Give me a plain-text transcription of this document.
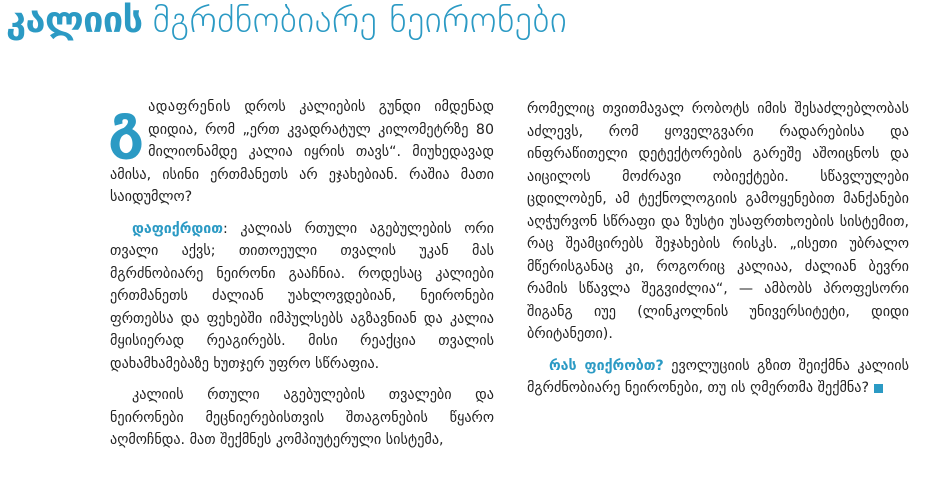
კალიის მგრძნობიარე ნეირონები

გადაფრენის დროს კალიების გუნდი იმდენად დიდია, რომ „ერთ კვადრატულ კილომეტრზე 80 მილიონამდე კალია იყრის თავს“. მიუხედავად ამისა, ისინი ერთმანეთს არ ეჯახებიან. რაშია მათი საიდუმლო?

დაფიქრდით: კალიას რთული აგებულების ორი თვალი აქვს; თითოეული თვალის უკან მას მგრძნობიარე ნეირონი გააჩნია. როდესაც კალიები ერთმანეთს ძალიან უახლოვდებიან, ნეირონები ფრთებსა და ფეხებში იმპულსებს აგზავნიან და კალია მყისიერად რეაგირებს. მისი რეაქცია თვალის დახამხამებაზე ხუთჯერ უფრო სწრაფია.

კალიის რთული აგებულების თვალები და ნეირონები მეცნიერებისთვის შთაგონების წყარო აღმოჩნდა. მათ შექმნეს კომპიუტერული სისტემა,

რომელიც თვითმავალ რობოტს იმის შესაძლებლობას აძლევს, რომ ყოველგვარი რადარებისა და ინფრაწითელი დეტექტორების გარეშე აშოიცნოს და აიცილოს მოძრავი ობიექტები. სწავლულები ცდილობენ, ამ ტექნოლოგიის გამოყენებით მანქანები აღჭურვონ სწრაფი და ზუსტი უსაფრთხოების სისტემით, რაც შეამცირებს შეჯახების რისკს. „ისეთი უბრალო მწერისგანაც კი, როგორიც კალიაა, ძალიან ბევრი რამის სწავლა შეგვიძლია“, — ამბობს პროფესორი შიგანგ იუე (ლინკოლნის უნივერსიტეტი, დიდი ბრიტანეთი).

რას ფიქრობთ? ევოლუციის გზით შეიქმნა კალიის მგრძნობიარე ნეირონები, თუ ის ღმერთმა შექმნა?
